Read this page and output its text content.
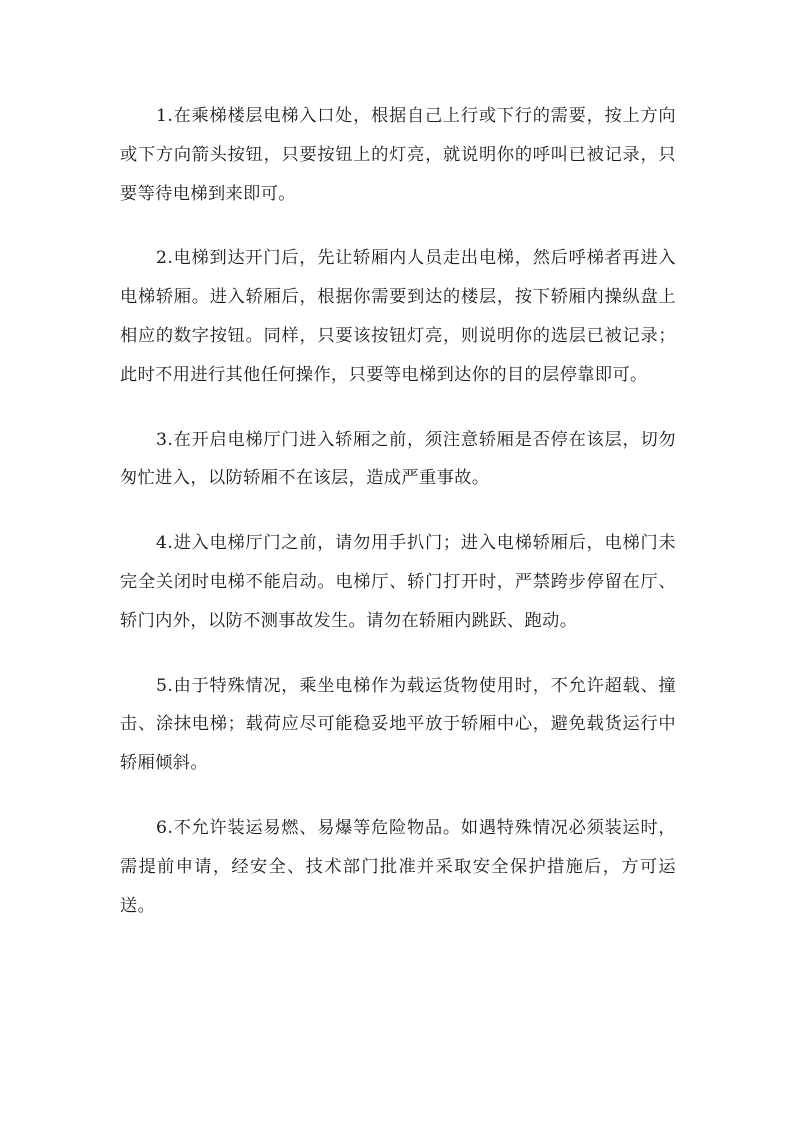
1.在乘梯楼层电梯入口处，根据自己上行或下行的需要，按上方向或下方向箭头按钮，只要按钮上的灯亮，就说明你的呼叫已被记录，只要等待电梯到来即可。

2.电梯到达开门后，先让轿厢内人员走出电梯，然后呼梯者再进入电梯轿厢。进入轿厢后，根据你需要到达的楼层，按下轿厢内操纵盘上相应的数字按钮。同样，只要该按钮灯亮，则说明你的选层已被记录；此时不用进行其他任何操作，只要等电梯到达你的目的层停靠即可。

3.在开启电梯厅门进入轿厢之前，须注意轿厢是否停在该层，切勿匆忙进入，以防轿厢不在该层，造成严重事故。

4.进入电梯厅门之前，请勿用手扒门；进入电梯轿厢后，电梯门未完全关闭时电梯不能启动。电梯厅、轿门打开时，严禁跨步停留在厅、轿门内外，以防不测事故发生。请勿在轿厢内跳跃、跑动。

5.由于特殊情况，乘坐电梯作为载运货物使用时，不允许超载、撞击、涂抹电梯；载荷应尽可能稳妥地平放于轿厢中心，避免载货运行中轿厢倾斜。

6.不允许装运易燃、易爆等危险物品。如遇特殊情况必须装运时，需提前申请，经安全、技术部门批准并采取安全保护措施后，方可运送。
